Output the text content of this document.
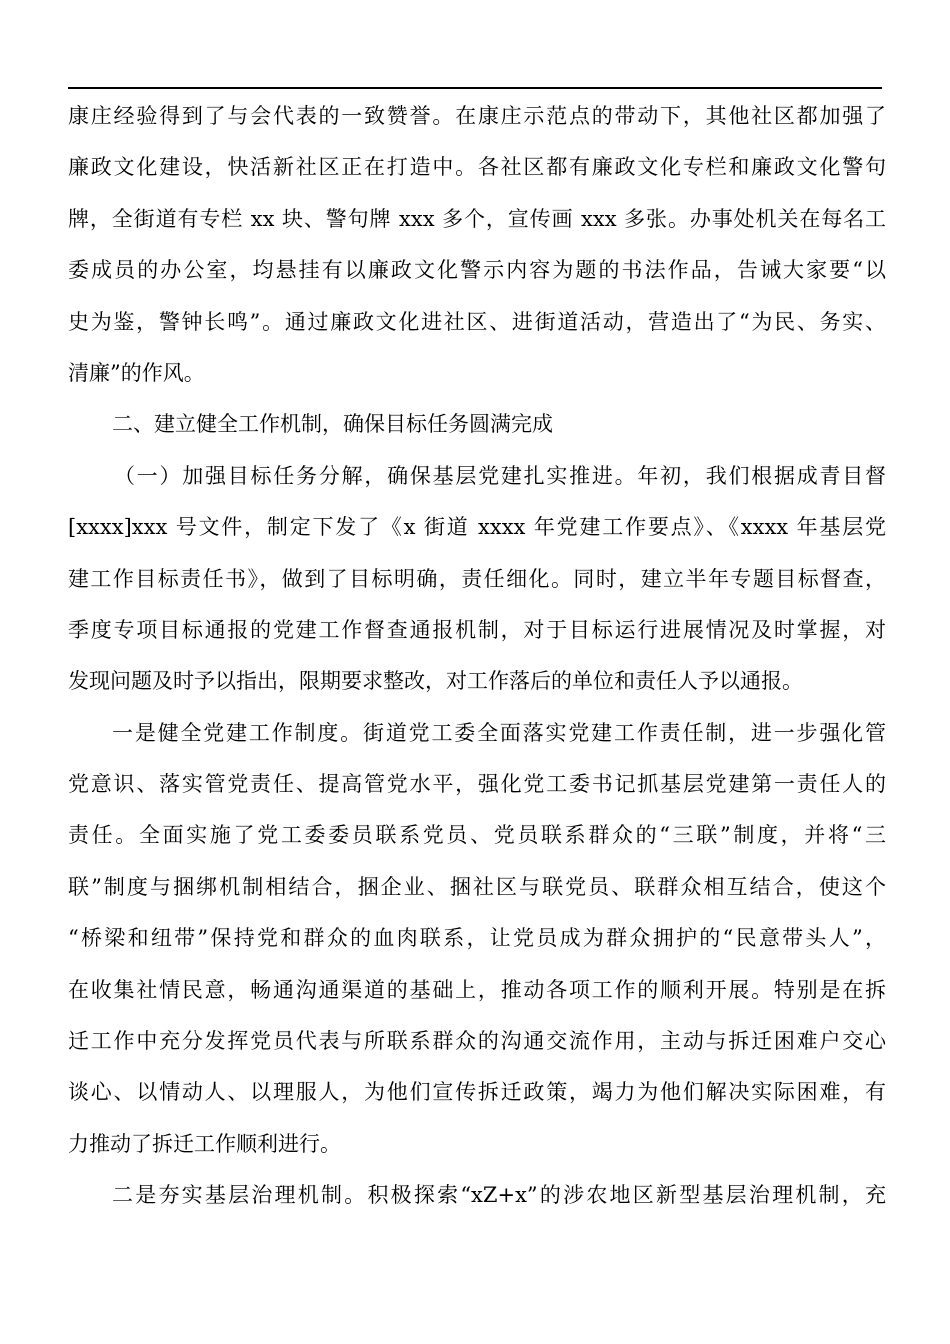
康庄经验得到了与会代表的一致赞誉。在康庄示范点的带动下，其他社区都加强了
廉政文化建设，快活新社区正在打造中。各社区都有廉政文化专栏和廉政文化警句
牌，全街道有专栏 xx 块、警句牌 xxx 多个，宣传画 xxx 多张。办事处机关在每名工
委成员的办公室，均悬挂有以廉政文化警示内容为题的书法作品，告诫大家要“以
史为鉴，警钟长鸣”。通过廉政文化进社区、进街道活动，营造出了“为民、务实、
清廉”的作风。
二、建立健全工作机制，确保目标任务圆满完成
（一）加强目标任务分解，确保基层党建扎实推进。年初，我们根据成青目督
[xxxx]xxx 号文件，制定下发了《x 街道 xxxx 年党建工作要点》、《xxxx 年基层党
建工作目标责任书》，做到了目标明确，责任细化。同时，建立半年专题目标督查，
季度专项目标通报的党建工作督查通报机制，对于目标运行进展情况及时掌握，对
发现问题及时予以指出，限期要求整改，对工作落后的单位和责任人予以通报。
一是健全党建工作制度。街道党工委全面落实党建工作责任制，进一步强化管
党意识、落实管党责任、提高管党水平，强化党工委书记抓基层党建第一责任人的
责任。全面实施了党工委委员联系党员、党员联系群众的“三联”制度，并将“三
联”制度与捆绑机制相结合，捆企业、捆社区与联党员、联群众相互结合，使这个
“桥梁和纽带”保持党和群众的血肉联系，让党员成为群众拥护的“民意带头人”，
在收集社情民意，畅通沟通渠道的基础上，推动各项工作的顺利开展。特别是在拆
迁工作中充分发挥党员代表与所联系群众的沟通交流作用，主动与拆迁困难户交心
谈心、以情动人、以理服人，为他们宣传拆迁政策，竭力为他们解决实际困难，有
力推动了拆迁工作顺利进行。
二是夯实基层治理机制。积极探索“xZ+x”的涉农地区新型基层治理机制，充
